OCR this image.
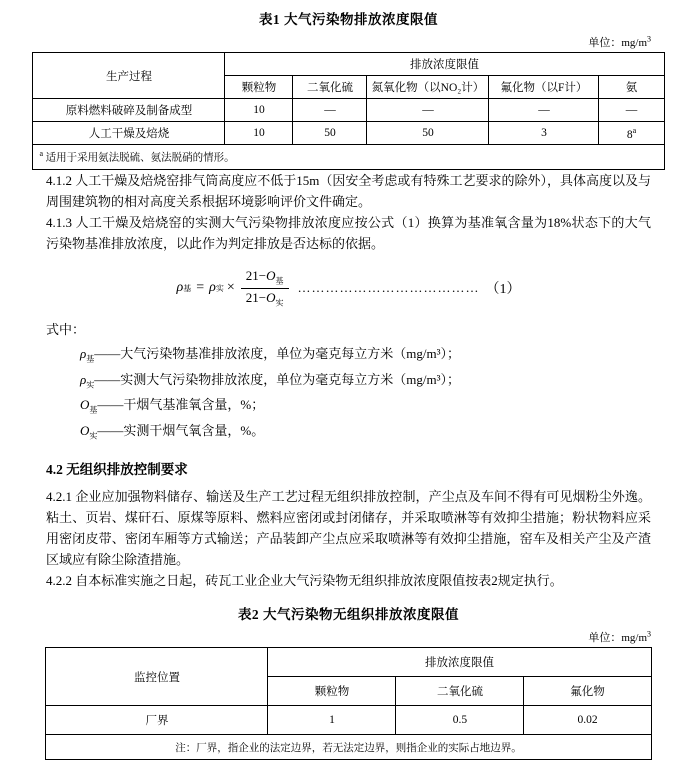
表1 大气污染物排放浓度限值
单位：$mg/m^3$
生产过程	排放浓度限值				
	颗粒物	二氧化硫	氮氧化物（以NO₂计）	氟化物（以F计）	氨
原料燃料破碎及制备成型	10	—	—	—	—
人工干燥及焙烧	10	50	50	3	8$^a$
$^a$ 适用于采用氨法脱硫、氨法脱硝的情形。					

4.1.2 人工干燥及焙烧窑排气筒高度应不低于15m（因安全考虑或有特殊工艺要求的除外），具体高度以及与周围建筑物的相对高度关系根据环境影响评价文件确定。

4.1.3 人工干燥及焙烧窑的实测大气污染物排放浓度应按公式（1）换算为基准氧含量为18%状态下的大气污染物基准排放浓度，以此作为判定排放是否达标的依据。

ρ 基 = ρ 实 × $\frac{21-O_基}{21-O_实}$ ………………………………… （1）
式中：
$\rho_基——$大气污染物基准排放浓度，单位为毫克每立方米（mg/m³）；
$\rho_实——$实测大气污染物排放浓度，单位为毫克每立方米（mg/m³）；
$O_基——$干烟气基准氧含量，%；
$O_实——$实测干烟气氧含量，%。
4.2 无组织排放控制要求

4.2.1 企业应加强物料储存、输送及生产工艺过程无组织排放控制，产尘点及车间不得有可见烟粉尘外逸。粘土、页岩、煤矸石、原煤等原料、燃料应密闭或封闭储存，并采取喷淋等有效抑尘措施；粉状物料应采用密闭皮带、密闭车厢等方式输送；产品装卸产尘点应采取喷淋等有效抑尘措施，窑车及相关产尘及产渣区域应有除尘除渣措施。

4.2.2 自本标准实施之日起，砖瓦工业企业大气污染物无组织排放浓度限值按表2规定执行。

表2 大气污染物无组织排放浓度限值
单位：$mg/m^3$
监控位置	排放浓度限值		
	颗粒物	二氧化硫	氟化物
厂界	1	0.5	0.02
注：厂界，指企业的法定边界，若无法定边界，则指企业的实际占地边界。			
